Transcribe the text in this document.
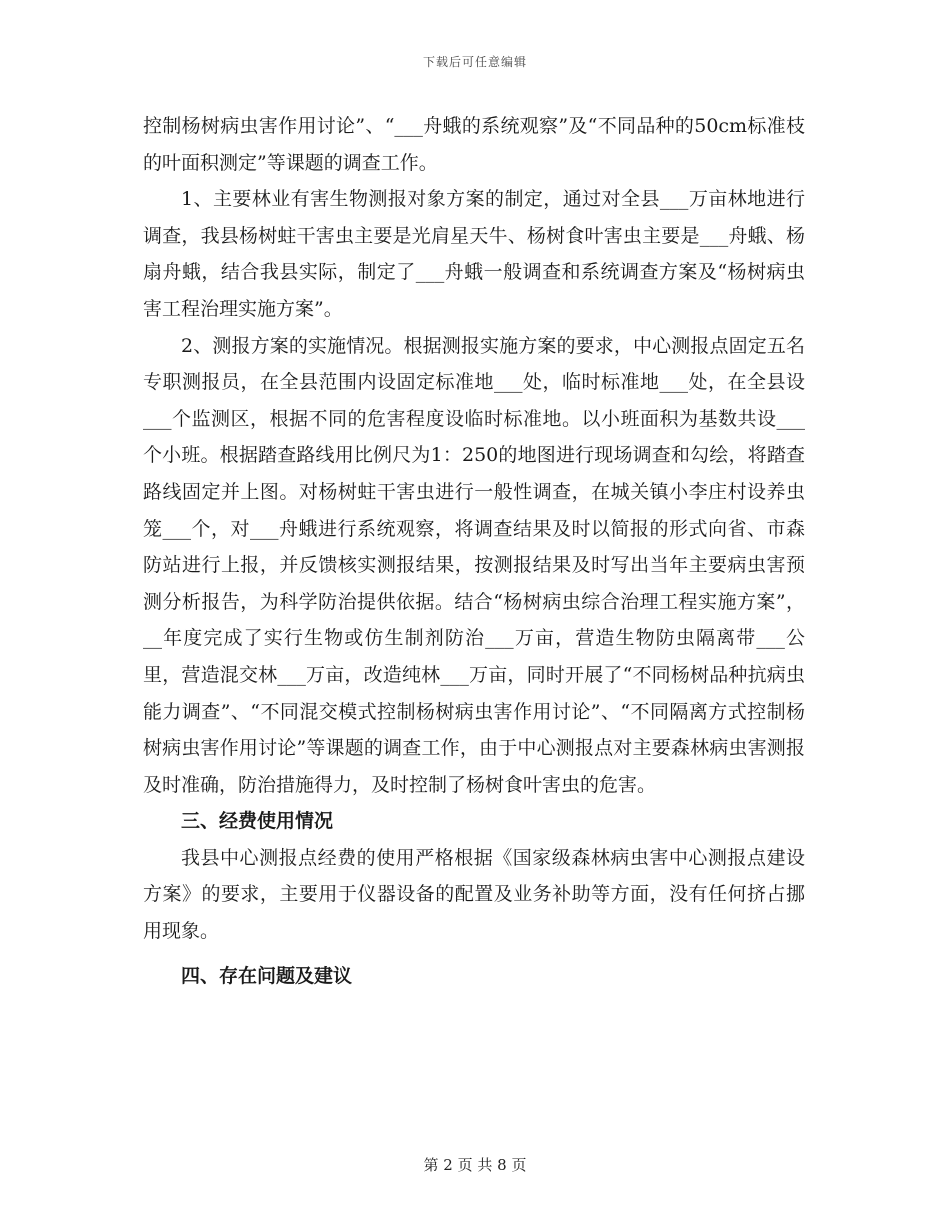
下载后可任意编辑

控制杨树病虫害作用讨论”、“___舟蛾的系统观察”及“不同品种的50cm标准枝的叶面积测定”等课题的调查工作。

1、主要林业有害生物测报对象方案的制定，通过对全县___万亩林地进行调查，我县杨树蛀干害虫主要是光肩星天牛、杨树食叶害虫主要是___舟蛾、杨扇舟蛾，结合我县实际，制定了___舟蛾一般调查和系统调查方案及“杨树病虫害工程治理实施方案”。

2、测报方案的实施情况。根据测报实施方案的要求，中心测报点固定五名专职测报员，在全县范围内设固定标准地___处，临时标准地___处，在全县设___个监测区，根据不同的危害程度设临时标准地。以小班面积为基数共设___个小班。根据踏查路线用比例尺为1：250的地图进行现场调查和勾绘，将踏查路线固定并上图。对杨树蛀干害虫进行一般性调查，在城关镇小李庄村设养虫笼___个，对___舟蛾进行系统观察，将调查结果及时以简报的形式向省、市森防站进行上报，并反馈核实测报结果，按测报结果及时写出当年主要病虫害预测分析报告，为科学防治提供依据。结合“杨树病虫综合治理工程实施方案”，__年度完成了实行生物或仿生制剂防治___万亩，营造生物防虫隔离带___公里，营造混交林___万亩，改造纯林___万亩，同时开展了“不同杨树品种抗病虫能力调查”、“不同混交模式控制杨树病虫害作用讨论”、“不同隔离方式控制杨树病虫害作用讨论”等课题的调查工作，由于中心测报点对主要森林病虫害测报及时准确，防治措施得力，及时控制了杨树食叶害虫的危害。

三、经费使用情况

我县中心测报点经费的使用严格根据《国家级森林病虫害中心测报点建设方案》的要求，主要用于仪器设备的配置及业务补助等方面，没有任何挤占挪用现象。

四、存在问题及建议

第 2 页 共 8 页
